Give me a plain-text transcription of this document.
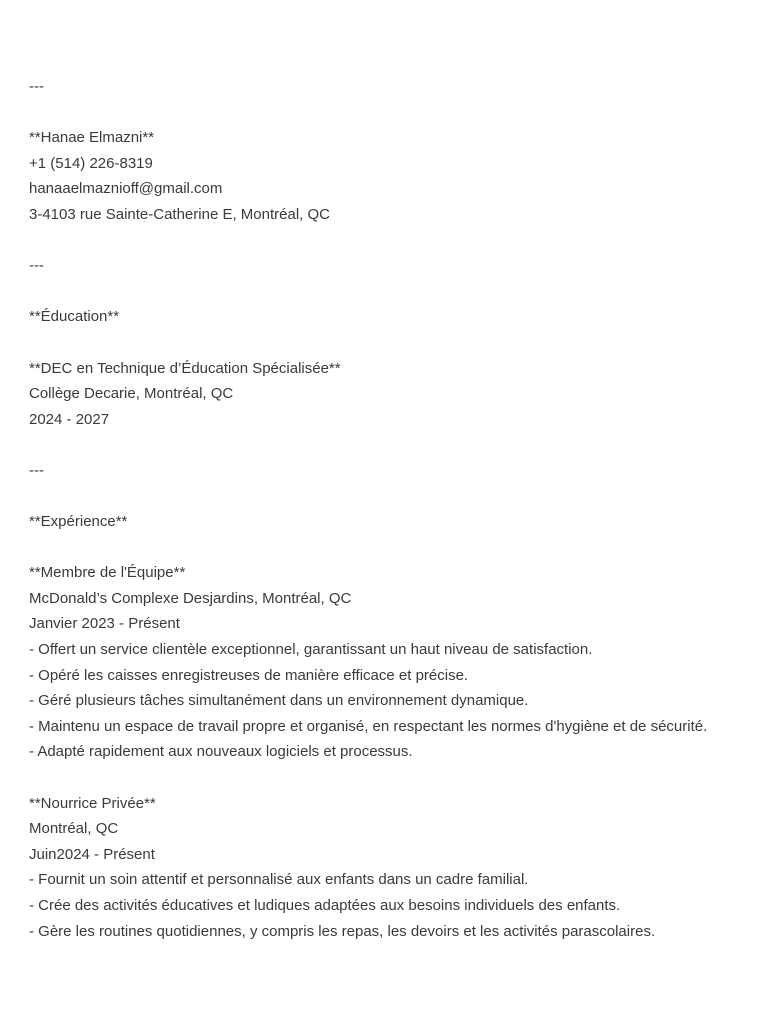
---
**Hanae Elmazni**
+1 (514) 226-8319
hanaaelmaznioff@gmail.com
3-4103 rue Sainte-Catherine E, Montréal, QC
---
**Éducation**
**DEC en Technique d’Éducation Spécialisée**
Collège Decarie, Montréal, QC
2024 - 2027
---
**Expérience**
**Membre de l'Équipe**
McDonald’s Complexe Desjardins, Montréal, QC
Janvier 2023 - Présent
- Offert un service clientèle exceptionnel, garantissant un haut niveau de satisfaction.
- Opéré les caisses enregistreuses de manière efficace et précise.
- Géré plusieurs tâches simultanément dans un environnement dynamique.
- Maintenu un espace de travail propre et organisé, en respectant les normes d'hygiène et de sécurité.
- Adapté rapidement aux nouveaux logiciels et processus.
**Nourrice Privée**
Montréal, QC
Juin2024 - Présent
- Fournit un soin attentif et personnalisé aux enfants dans un cadre familial.
- Crée des activités éducatives et ludiques adaptées aux besoins individuels des enfants.
- Gère les routines quotidiennes, y compris les repas, les devoirs et les activités parascolaires.
